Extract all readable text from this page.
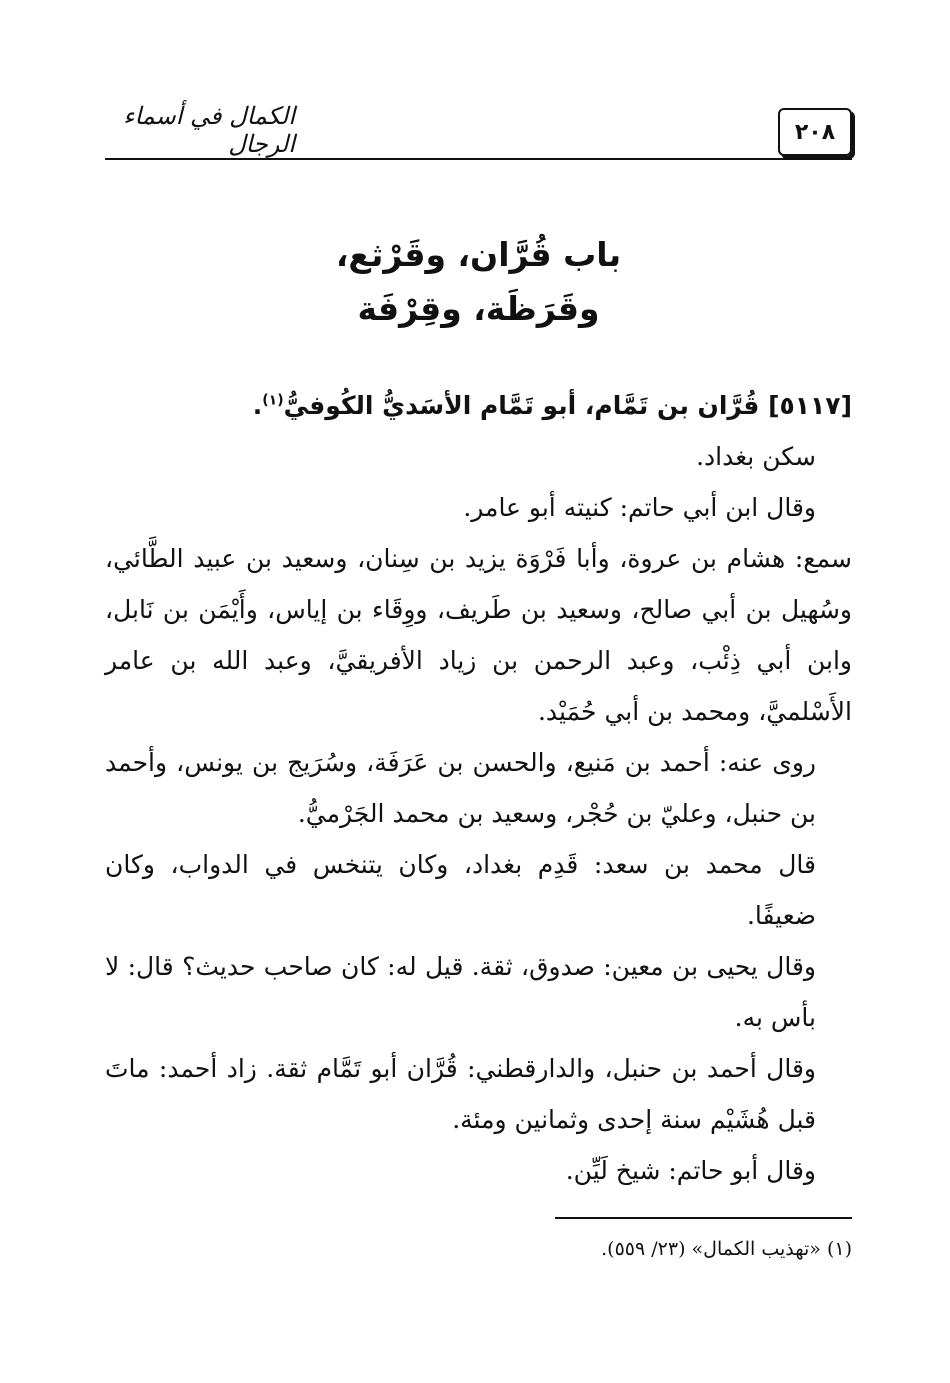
٢٠٨
الكمال في أسماء الرجال
باب قُرَّان، وقَرْثع،
وقَرَظَة، وقِرْفَة

[٥١١٧] قُرَّان بن تَمَّام، أبو تَمَّام الأسَديُّ الكُوفيُّ$^{(١)}$.

سكن بغداد.

وقال ابن أبي حاتم: كنيته أبو عامر.

سمع: هشام بن عروة، وأبا فَرْوَة يزيد بن سِنان، وسعيد بن عبيد الطَّائي، وسُهيل بن أبي صالح، وسعيد بن طَريف، ووِقَاء بن إياس، وأَيْمَن بن نَابل، وابن أبي ذِئْب، وعبد الرحمن بن زياد الأفريقيَّ، وعبد الله بن عامر الأَسْلميَّ، ومحمد بن أبي حُمَيْد.

روى عنه: أحمد بن مَنيع، والحسن بن عَرَفَة، وسُرَيج بن يونس، وأحمد بن حنبل، وعليّ بن حُجْر، وسعيد بن محمد الجَرْميُّ.

قال محمد بن سعد: قَدِم بغداد، وكان يتنخس في الدواب، وكان ضعيفًا.

وقال يحيى بن معين: صدوق، ثقة. قيل له: كان صاحب حديث؟ قال: لا بأس به.

وقال أحمد بن حنبل، والدارقطني: قُرَّان أبو تَمَّام ثقة. زاد أحمد: ماتَ قبل هُشَيْم سنة إحدى وثمانين ومئة.

وقال أبو حاتم: شيخ لَيِّن.

(١) «تهذيب الكمال» (٢٣/ ٥٥٩).
